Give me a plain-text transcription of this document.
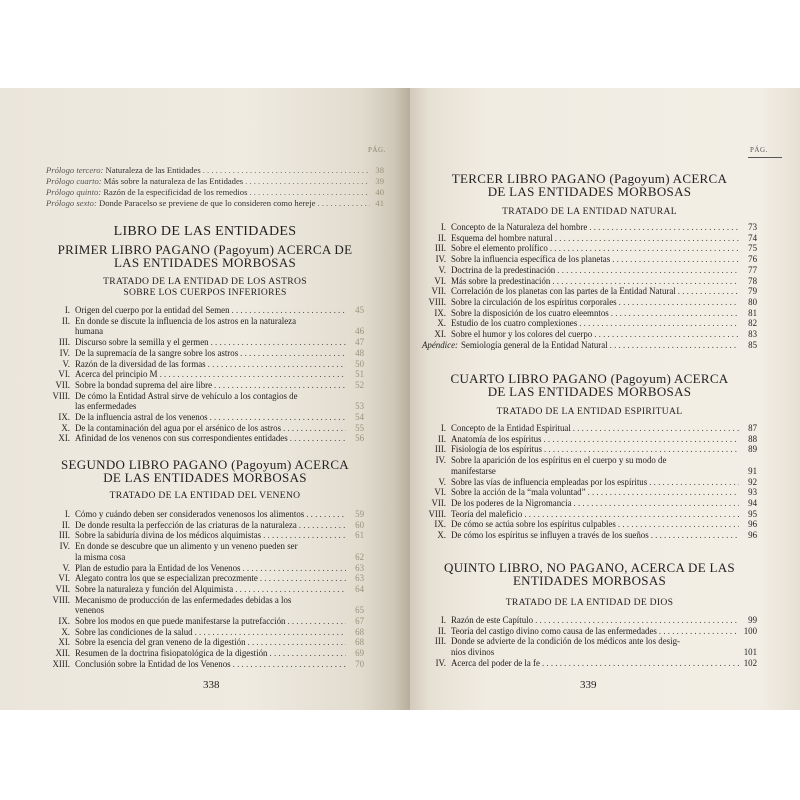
PÁG.
Prólogo tercero:
Naturaleza de las Entidades . . .	38
Prólogo cuarto:
Más sobre la naturaleza de las Entidades . . .	39
Prólogo quinto:
Razón de la especificidad de los remedios . . .	40
Prólogo sexto:
Donde Paracelso se previene de que lo consideren como hereje . . .	41
LIBRO DE LAS ENTIDADES
PRIMER LIBRO PAGANO (Pagoyum) ACERCA DE
LAS ENTIDADES MORBOSAS
TRATADO DE LA ENTIDAD DE LOS ASTROS
SOBRE LOS CUERPOS INFERIORES
I. Origen del cuerpo por la entidad del Semen . . .	45
II. En donde se discute la influencia de los astros en la naturaleza
humana	46
III. Discurso sobre la semilla y el germen . . .	47
IV. De la supremacía de la sangre sobre los astros . . .	48
V. Razón de la diversidad de las formas . . .	50
VI. Acerca del principio M . . .	51
VII. Sobre la bondad suprema del aire libre . . .	52
VIII. De cómo la Entidad Astral sirve de vehículo a los contagios de
las enfermedades	53
IX. De la influencia astral de los venenos . . .	54
X. De la contaminación del agua por el arsénico de los astros . . .	55
XI. Afinidad de los venenos con sus correspondientes entidades . . .	56
SEGUNDO LIBRO PAGANO (Pagoyum) ACERCA
DE LAS ENTIDADES MORBOSAS
TRATADO DE LA ENTIDAD DEL VENENO
I. Cómo y cuándo deben ser considerados venenosos los alimentos . . .	59
II. De donde resulta la perfección de las criaturas de la naturaleza . . .	60
III. Sobre la sabiduría divina de los médicos alquimistas . . .	61
IV. En donde se descubre que un alimento y un veneno pueden ser
la misma cosa	62
V. Plan de estudio para la Entidad de los Venenos . . .	63
VI. Alegato contra los que se especializan precozmente . . .	63
VII. Sobre la naturaleza y función del Alquimista . . .	64
VIII. Mecanismo de producción de las enfermedades debidas a los
venenos	65
IX. Sobre los modos en que puede manifestarse la putrefacción . . .	67
X. Sobre las condiciones de la salud . . .	68
XI. Sobre la esencia del gran veneno de la digestión . . .	68
XII. Resumen de la doctrina fisiopatológica de la digestión . . .	69
XIII. Conclusión sobre la Entidad de los Venenos . . .	70
338
PÁG.
TERCER LIBRO PAGANO (Pagoyum) ACERCA
DE LAS ENTIDADES MORBOSAS
TRATADO DE LA ENTIDAD NATURAL
I. Concepto de la Naturaleza del hombre . . .	73
II. Esquema del hombre natural . . .	74
III. Sobre el elemento prolífico . . .	75
IV. Sobre la influencia específica de los planetas . . .	76
V. Doctrina de la predestinación . . .	77
VI. Más sobre la predestinación . . .	78
VII. Correlación de los planetas con las partes de la Entidad Natural . . .	79
VIII. Sobre la circulación de los espíritus corporales . . .	80
IX. Sobre la disposición de los cuatro eleemntos . . .	81
X. Estudio de los cuatro complexiones . . .	82
XI. Sobre el humor y los colores del cuerpo . . .	83
Apéndice: Semiología general de la Entidad Natural . . .	85
CUARTO LIBRO PAGANO (Pagoyum) ACERCA
DE LAS ENTIDADES MORBOSAS
TRATADO DE LA ENTIDAD ESPIRITUAL
I. Concepto de la Entidad Espiritual . . .	87
II. Anatomía de los espíritus . . .	88
III. Fisiología de los espíritus . . .	89
IV. Sobre la aparición de los espíritus en el cuerpo y su modo de
manifestarse	91
V. Sobre las vías de influencia empleadas por los espíritus . . .	92
VI. Sobre la acción de la “mala voluntad” . . .	93
VII. De los poderes de la Nigromancia . . .	94
VIII. Teoría del maleficio . . .	95
IX. De cómo se actúa sobre los espíritus culpables . . .	96
X. De cómo los espíritus se influyen a través de los sueños . . .	96
QUINTO LIBRO, NO PAGANO, ACERCA DE LAS
ENTIDADES MORBOSAS
TRATADO DE LA ENTIDAD DE DIOS
I. Razón de este Capítulo . . .	99
II. Teoría del castigo divino como causa de las enfermedades . . .	100
III. Donde se advierte de la condición de los médicos ante los desig-
nios divinos	101
IV. Acerca del poder de la fe . . .	102
339
